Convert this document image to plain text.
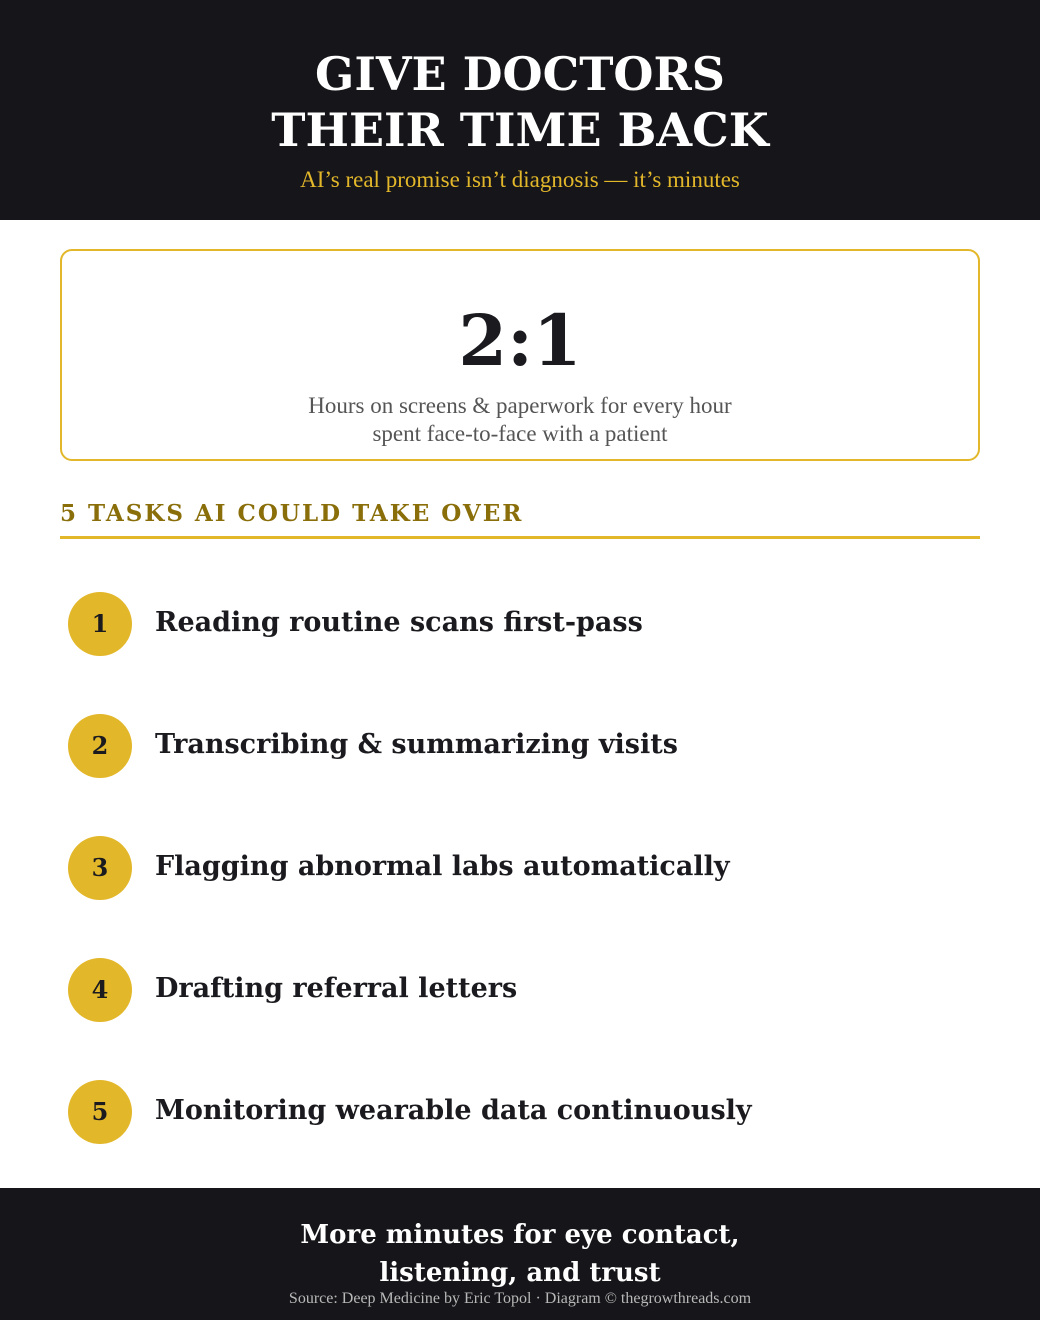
GIVE DOCTORS
THEIR TIME BACK
AI’s real promise isn’t diagnosis — it’s minutes
2:1
Hours on screens & paperwork for every hour
spent face-to-face with a patient
5 TASKS AI COULD TAKE OVER
1	Reading routine scans first-pass
2	Transcribing & summarizing visits
3	Flagging abnormal labs automatically
4	Drafting referral letters
5	Monitoring wearable data continuously
More minutes for eye contact,
listening, and trust
Source: Deep Medicine by Eric Topol · Diagram © thegrowthreads.com
